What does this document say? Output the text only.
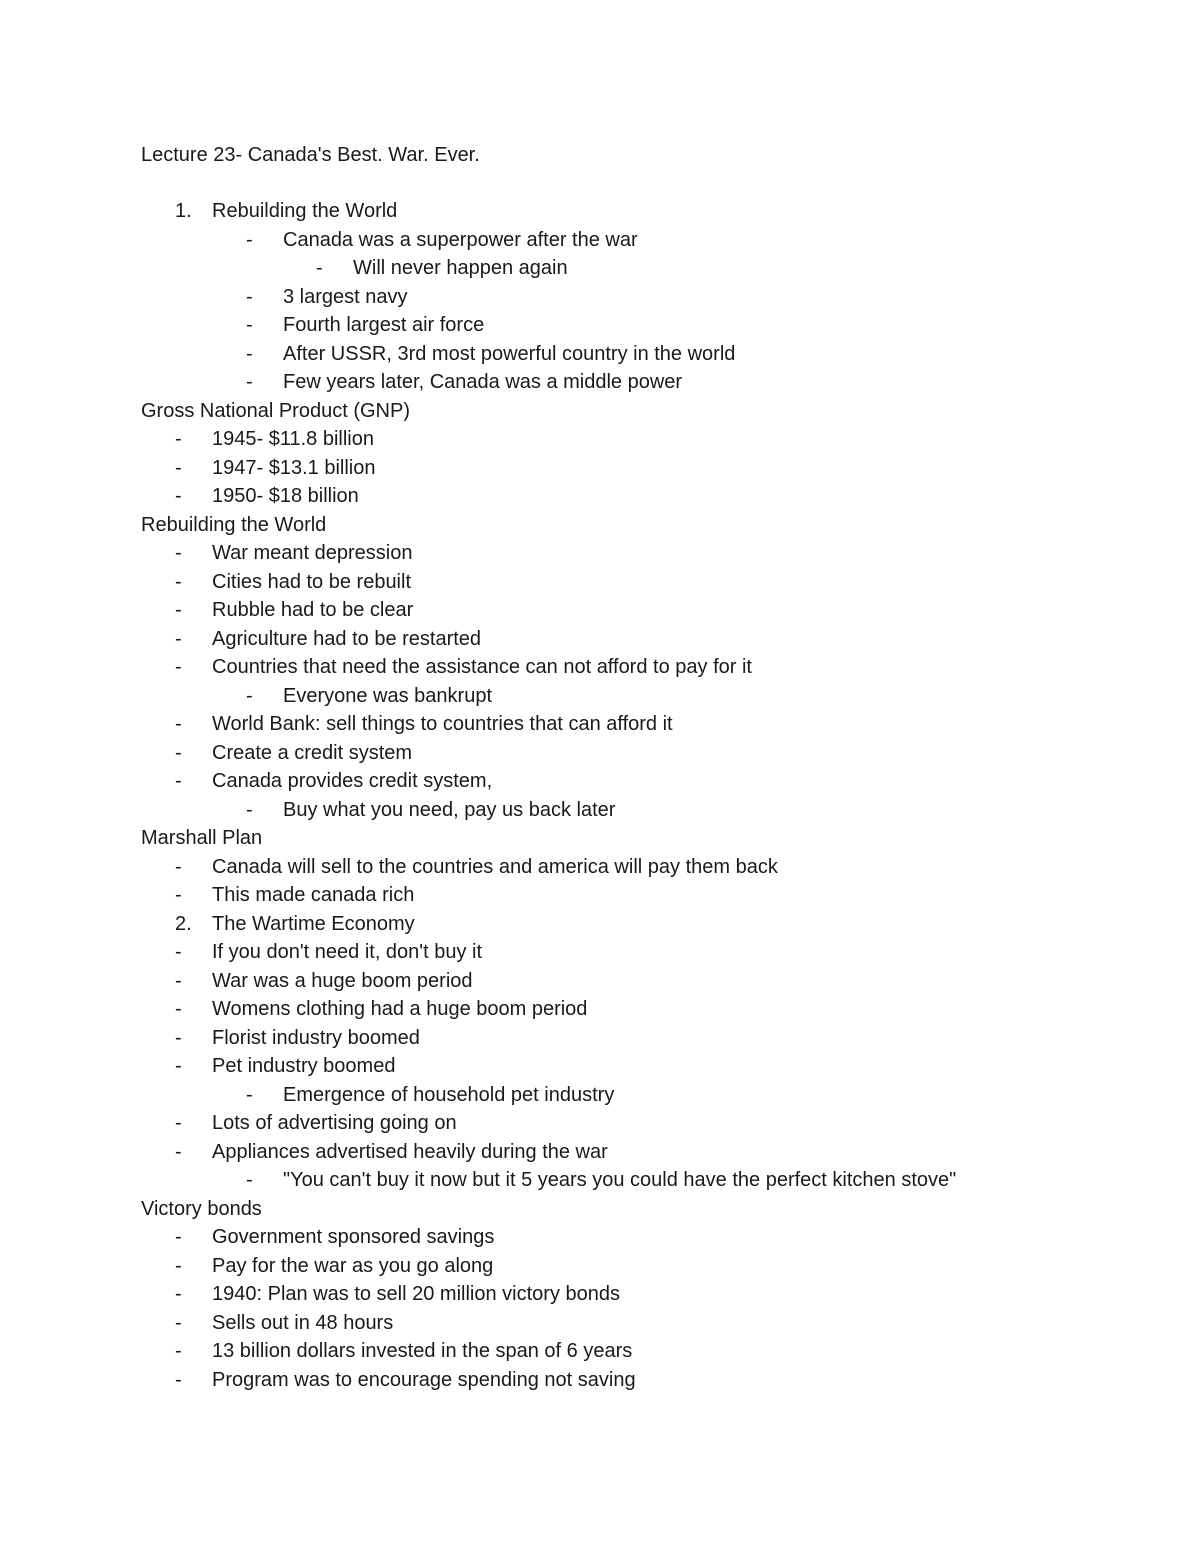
Lecture 23- Canada's Best. War. Ever.
1. Rebuilding the World
- Canada was a superpower after the war
- Will never happen again
- 3 largest navy
- Fourth largest air force
- After USSR, 3rd most powerful country in the world
- Few years later, Canada was a middle power
Gross National Product (GNP)
- 1945- $11.8 billion
- 1947- $13.1 billion
- 1950- $18 billion
Rebuilding the World
- War meant depression
- Cities had to be rebuilt
- Rubble had to be clear
- Agriculture had to be restarted
- Countries that need the assistance can not afford to pay for it
- Everyone was bankrupt
- World Bank: sell things to countries that can afford it
- Create a credit system
- Canada provides credit system,
- Buy what you need, pay us back later
Marshall Plan
- Canada will sell to the countries and america will pay them back
- This made canada rich
2. The Wartime Economy
- If you don't need it, don't buy it
- War was a huge boom period
- Womens clothing had a huge boom period
- Florist industry boomed
- Pet industry boomed
- Emergence of household pet industry
- Lots of advertising going on
- Appliances advertised heavily during the war
- "You can't buy it now but it 5 years you could have the perfect kitchen stove"
Victory bonds
- Government sponsored savings
- Pay for the war as you go along
- 1940: Plan was to sell 20 million victory bonds
- Sells out in 48 hours
- 13 billion dollars invested in the span of 6 years
- Program was to encourage spending not saving
